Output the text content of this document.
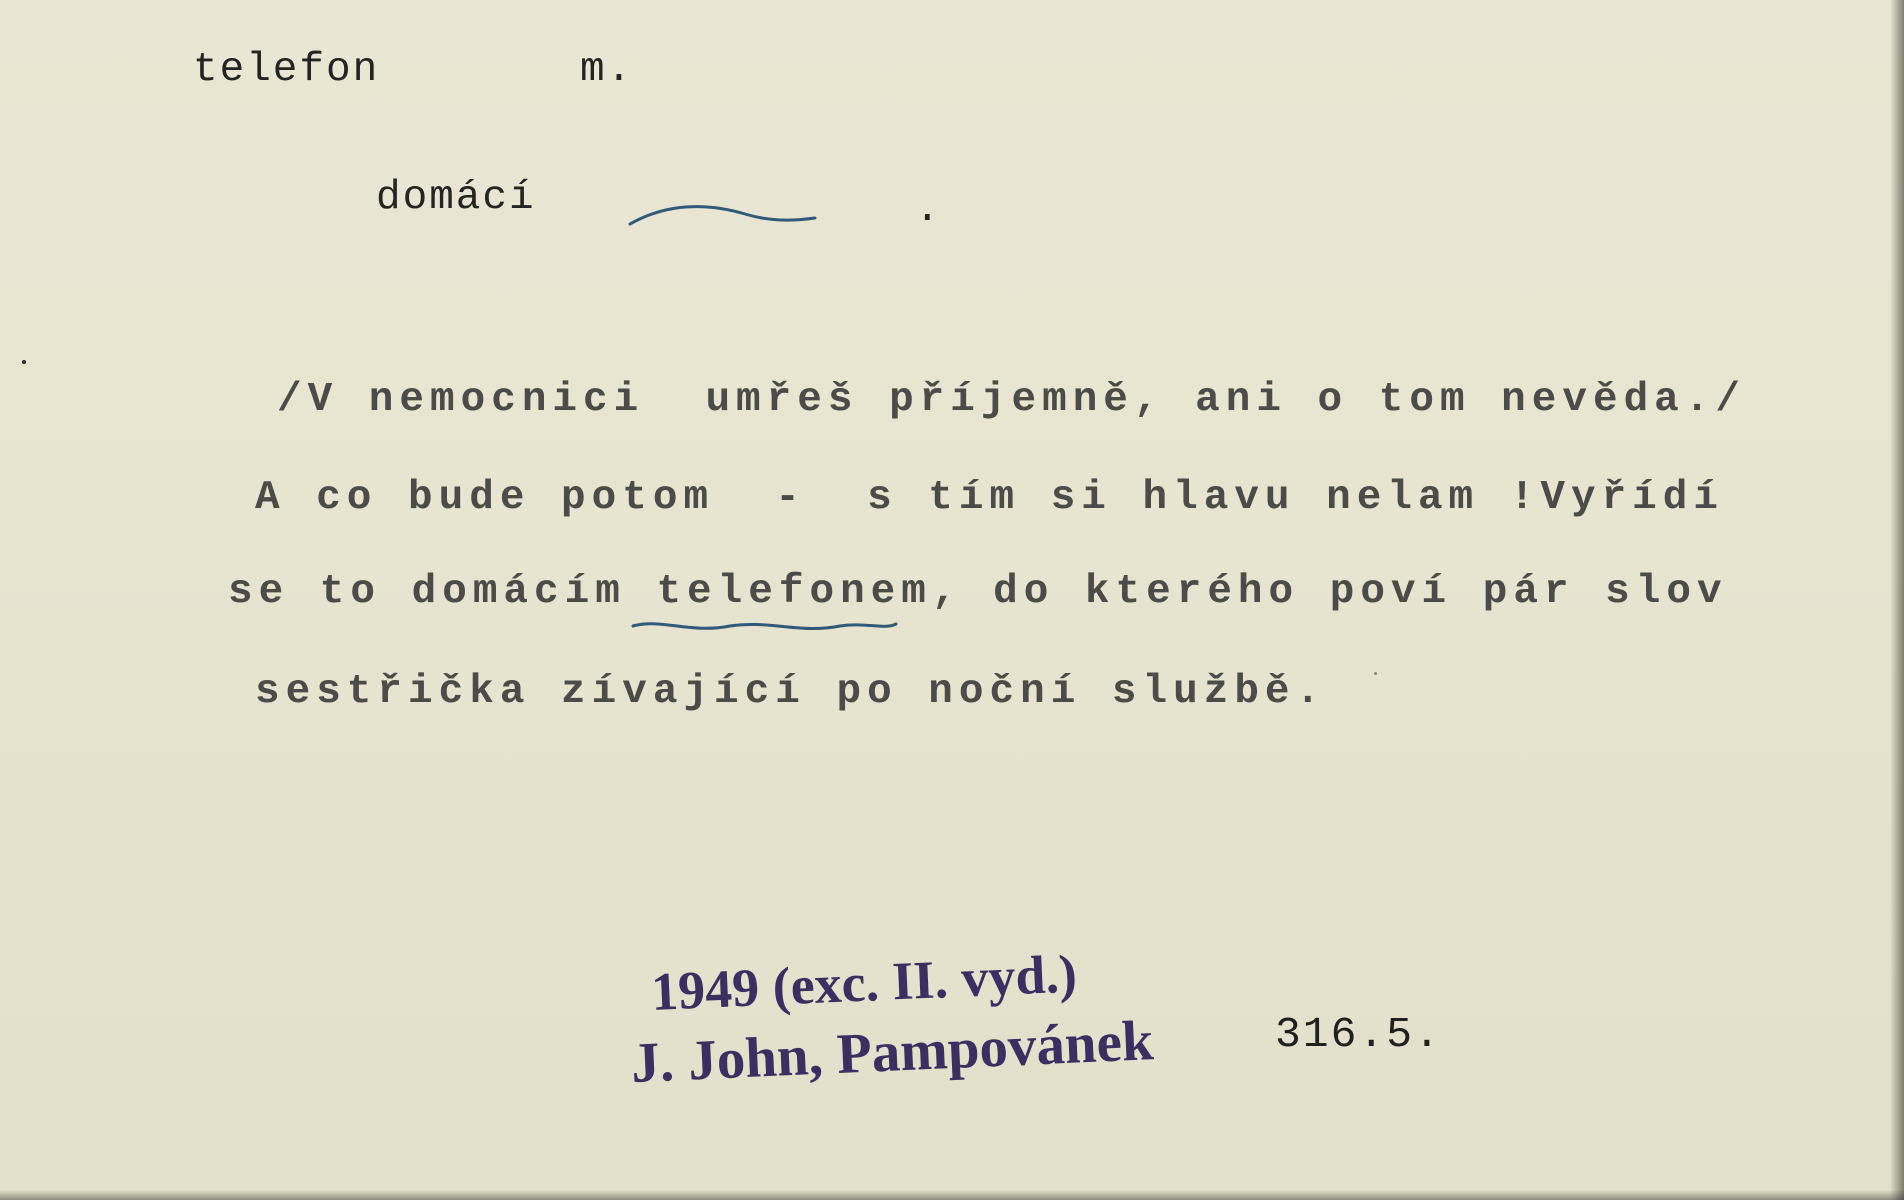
telefon	m.
domácí	.
/V nemocnici  umřeš příjemně, ani o tom nevěda./
A co bude potom  -  s tím si hlavu nelam !Vyřídí
se to domácím telefonem, do kterého poví pár slov
sestřička zívající po noční službě.
1949 (exc. II. vyd.)
J. John, Pampovánek	316.5.
